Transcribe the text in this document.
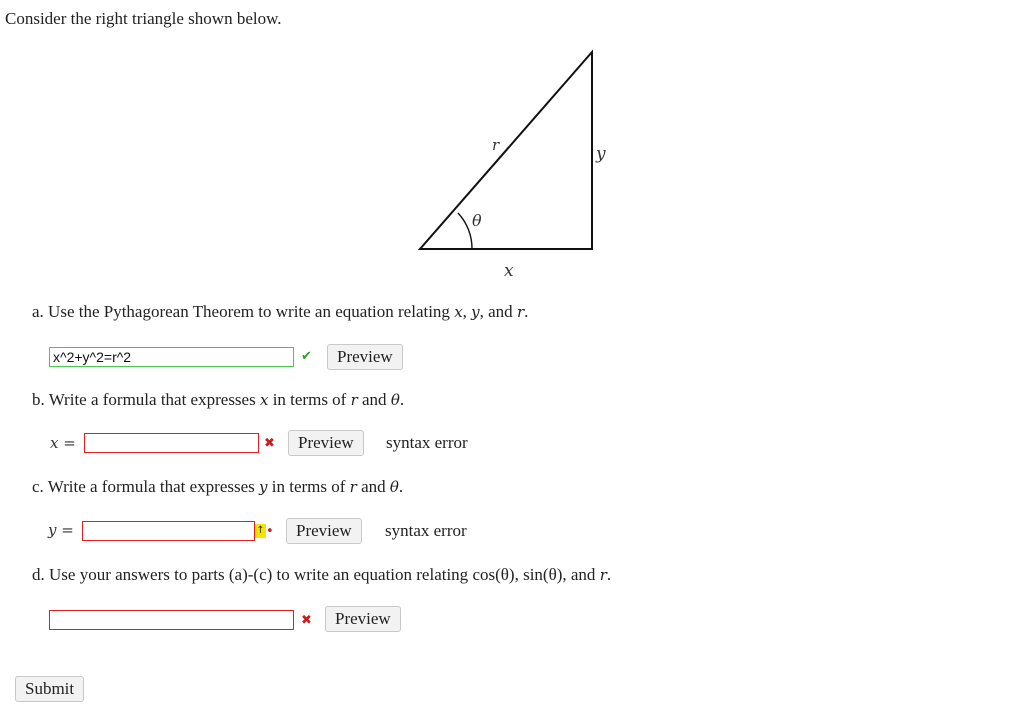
Consider the right triangle shown below.
r	y
θ
x
a. Use the Pythagorean Theorem to write an equation relating x, y, and r.
x^2+y^2=r^2	✔	Preview
b. Write a formula that expresses x in terms of r and θ.
x =	✖	Preview	syntax error
c. Write a formula that expresses y in terms of r and θ.
y =	↑ •	Preview	syntax error
d. Use your answers to parts (a)-(c) to write an equation relating cos(θ), sin(θ), and r.
✖	Preview
Submit
